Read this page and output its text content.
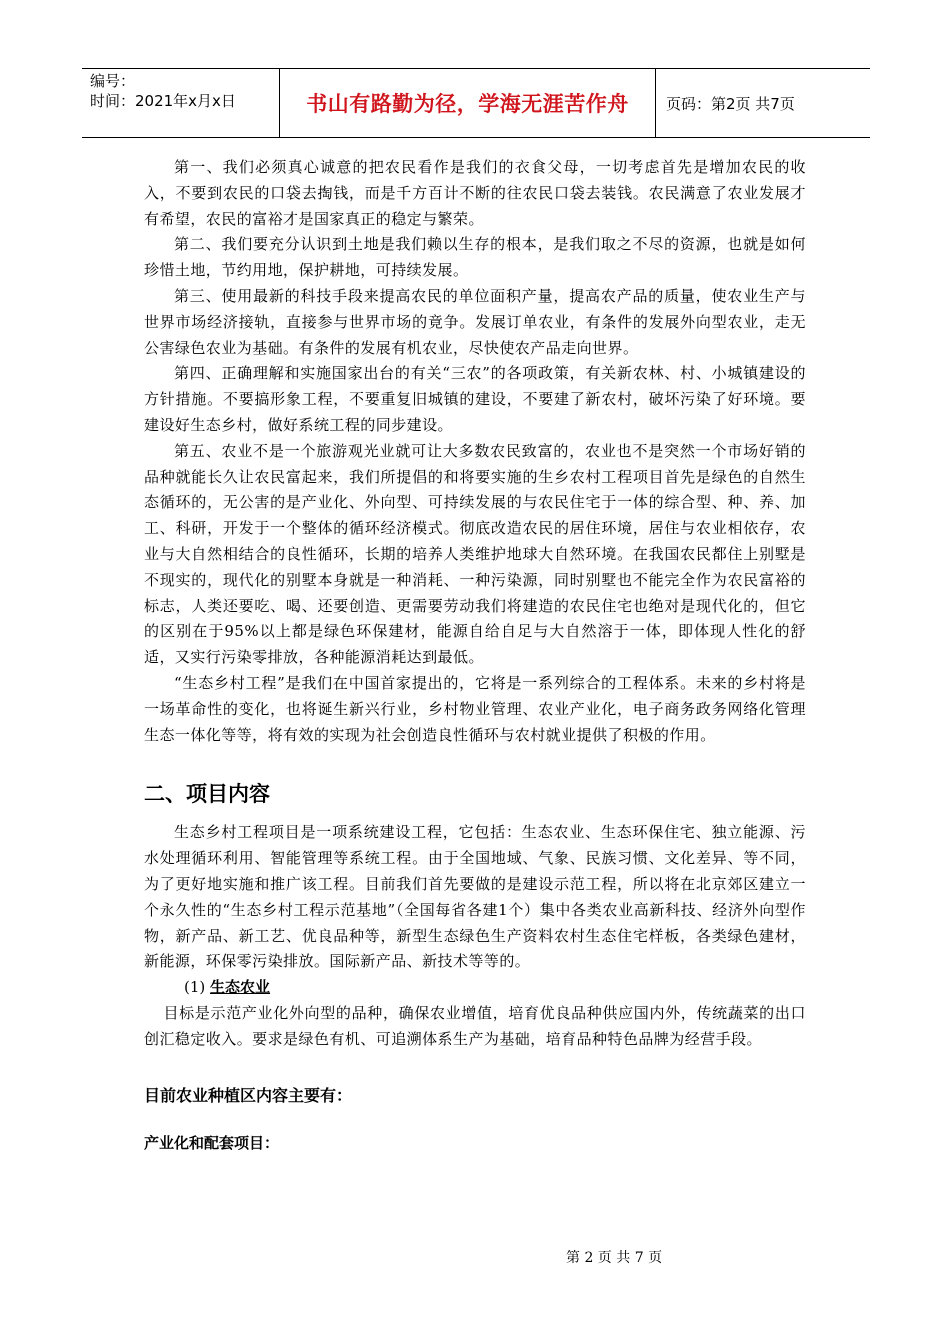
编号：
时间：2021年x月x日	书山有路勤为径，学海无涯苦作舟	页码：第2页 共7页

第一、我们必须真心诚意的把农民看作是我们的衣食父母，一切考虑首先是增加农民的收入，不要到农民的口袋去掏钱，而是千方百计不断的往农民口袋去装钱。农民满意了农业发展才有希望，农民的富裕才是国家真正的稳定与繁荣。

第二、我们要充分认识到土地是我们赖以生存的根本，是我们取之不尽的资源，也就是如何珍惜土地，节约用地，保护耕地，可持续发展。

第三、使用最新的科技手段来提高农民的单位面积产量，提高农产品的质量，使农业生产与世界市场经济接轨，直接参与世界市场的竟争。发展订单农业，有条件的发展外向型农业，走无公害绿色农业为基础。有条件的发展有机农业，尽快使农产品走向世界。

第四、正确理解和实施国家出台的有关“三农”的各项政策，有关新农林、村、小城镇建设的方针措施。不要搞形象工程，不要重复旧城镇的建设，不要建了新农村，破坏污染了好环境。要建设好生态乡村，做好系统工程的同步建设。

第五、农业不是一个旅游观光业就可让大多数农民致富的，农业也不是突然一个市场好销的品种就能长久让农民富起来，我们所提倡的和将要实施的生乡农村工程项目首先是绿色的自然生态循环的，无公害的是产业化、外向型、可持续发展的与农民住宅于一体的综合型、种、养、加工、科研，开发于一个整体的循环经济模式。彻底改造农民的居住环境，居住与农业相依存，农业与大自然相结合的良性循环，长期的培养人类维护地球大自然环境。在我国农民都住上别墅是不现实的，现代化的别墅本身就是一种消耗、一种污染源，同时别墅也不能完全作为农民富裕的标志，人类还要吃、喝、还要创造、更需要劳动我们将建造的农民住宅也绝对是现代化的，但它的区别在于95%以上都是绿色环保建材，能源自给自足与大自然溶于一体，即体现人性化的舒适，又实行污染零排放，各种能源消耗达到最低。

“生态乡村工程”是我们在中国首家提出的，它将是一系列综合的工程体系。未来的乡村将是一场革命性的变化，也将诞生新兴行业，乡村物业管理、农业产业化，电子商务政务网络化管理生态一体化等等，将有效的实现为社会创造良性循环与农村就业提供了积极的作用。

二、项目内容

生态乡村工程项目是一项系统建设工程，它包括：生态农业、生态环保住宅、独立能源、污水处理循环利用、智能管理等系统工程。由于全国地域、气象、民族习惯、文化差异、等不同，为了更好地实施和推广该工程。目前我们首先要做的是建设示范工程，所以将在北京郊区建立一个永久性的“生态乡村工程示范基地”（全国每省各建1个）集中各类农业高新科技、经济外向型作物，新产品、新工艺、优良品种等，新型生态绿色生产资料农村生态住宅样板，各类绿色建材，新能源，环保零污染排放。国际新产品、新技术等等的。

(1) 生态农业

目标是示范产业化外向型的品种，确保农业增值，培育优良品种供应国内外，传统蔬菜的出口创汇稳定收入。要求是绿色有机、可追溯体系生产为基础，培育品种特色品牌为经营手段。

目前农业种植区内容主要有：

产业化和配套项目：

第 2 页 共 7 页
